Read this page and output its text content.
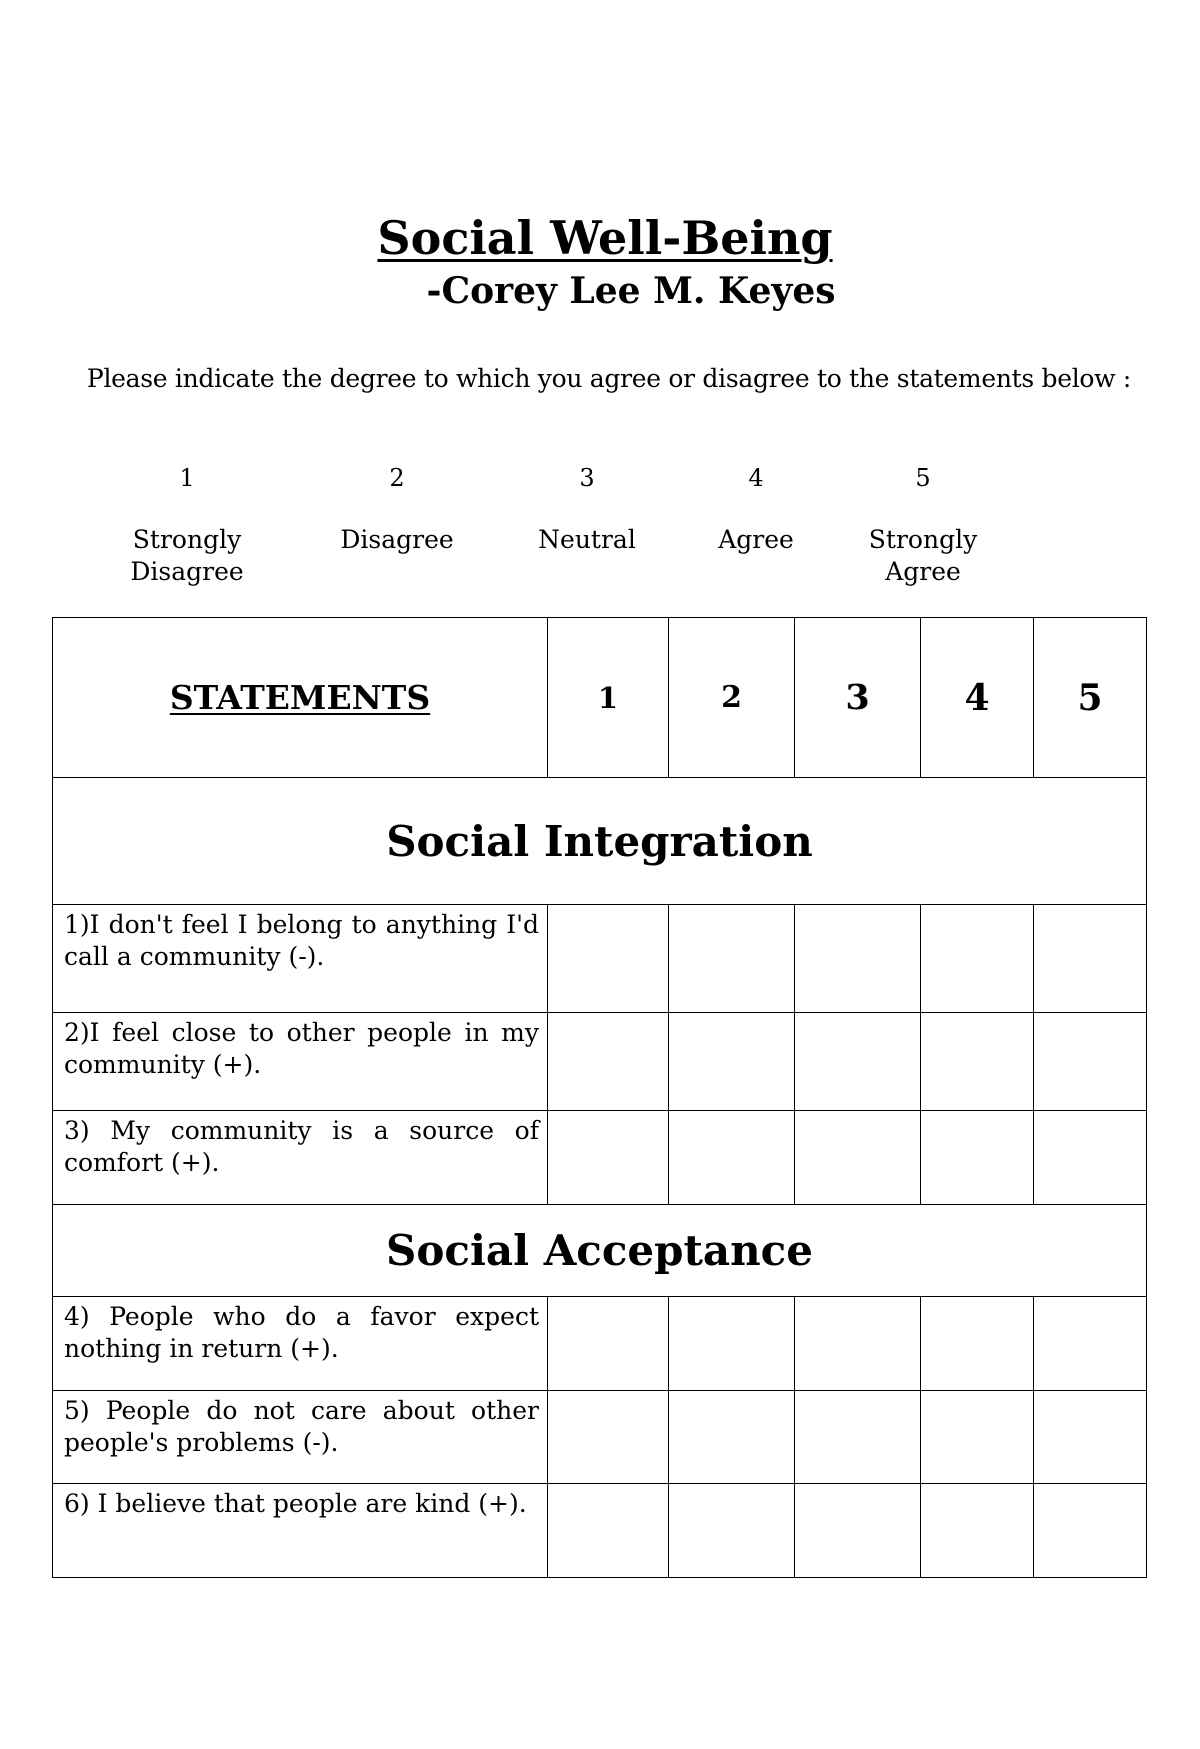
Social Well-Being
-Corey Lee M. Keyes

Please indicate the degree to which you agree or disagree to the statements below :

1

Strongly
Disagree

2

Disagree

3

Neutral

4

Agree

5

Strongly
Agree

STATEMENTS	1	2	3	4	5
Social Integration					
1)I don't feel I belong to anything I'd call a community (-).					
2)I feel close to other people in my community (+).					
3) My community is a source of comfort (+).					
Social Acceptance					
4) People who do a favor expect nothing in return (+).					
5) People do not care about other people's problems (-).					
6) I believe that people are kind (+).					
